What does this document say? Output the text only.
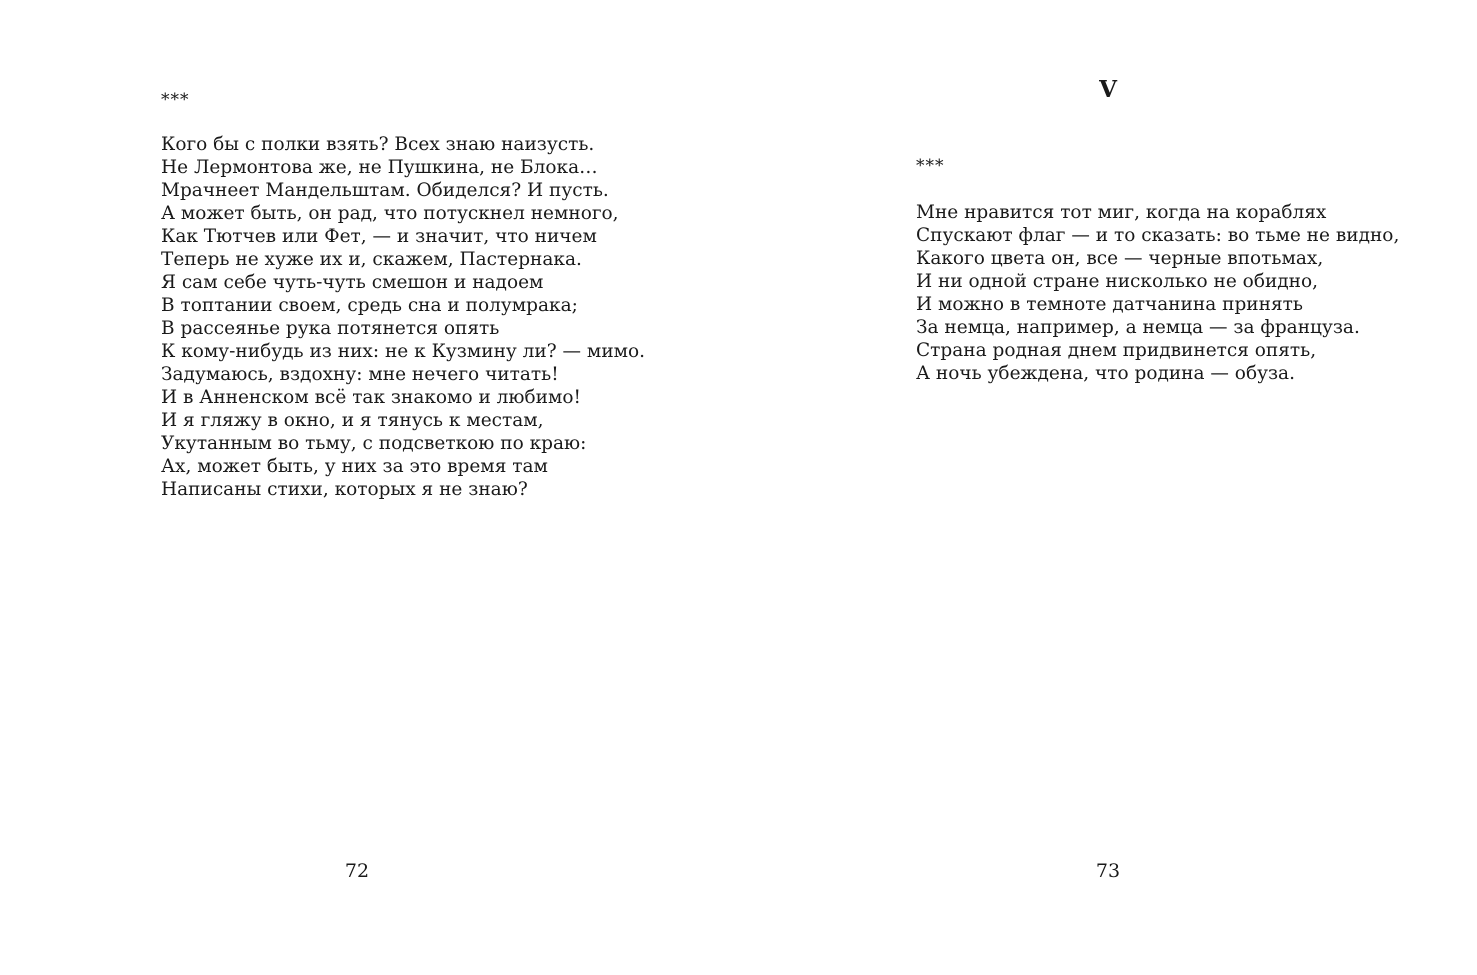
***
Кого бы с полки взять? Всех знаю наизусть.
Не Лермонтова же, не Пушкина, не Блока…
Мрачнеет Мандельштам. Обиделся? И пусть.
А может быть, он рад, что потускнел немного,
Как Тютчев или Фет, — и значит, что ничем
Теперь не хуже их и, скажем, Пастернака.
Я сам себе чуть-чуть смешон и надоем
В топтании своем, средь сна и полумрака;
В рассеянье рука потянется опять
К кому-нибудь из них: не к Кузмину ли? — мимо.
Задумаюсь, вздохну: мне нечего читать!
И в Анненском всё так знакомо и любимо!
И я гляжу в окно, и я тянусь к местам,
Укутанным во тьму, с подсветкою по краю:
Ах, может быть, у них за это время там
Написаны стихи, которых я не знаю?
72
V
***
Мне нравится тот миг, когда на кораблях
Спускают флаг — и то сказать: во тьме не видно,
Какого цвета он, все — черные впотьмах,
И ни одной стране нисколько не обидно,
И можно в темноте датчанина принять
За немца, например, а немца — за француза.
Страна родная днем придвинется опять,
А ночь убеждена, что родина — обуза.
73
